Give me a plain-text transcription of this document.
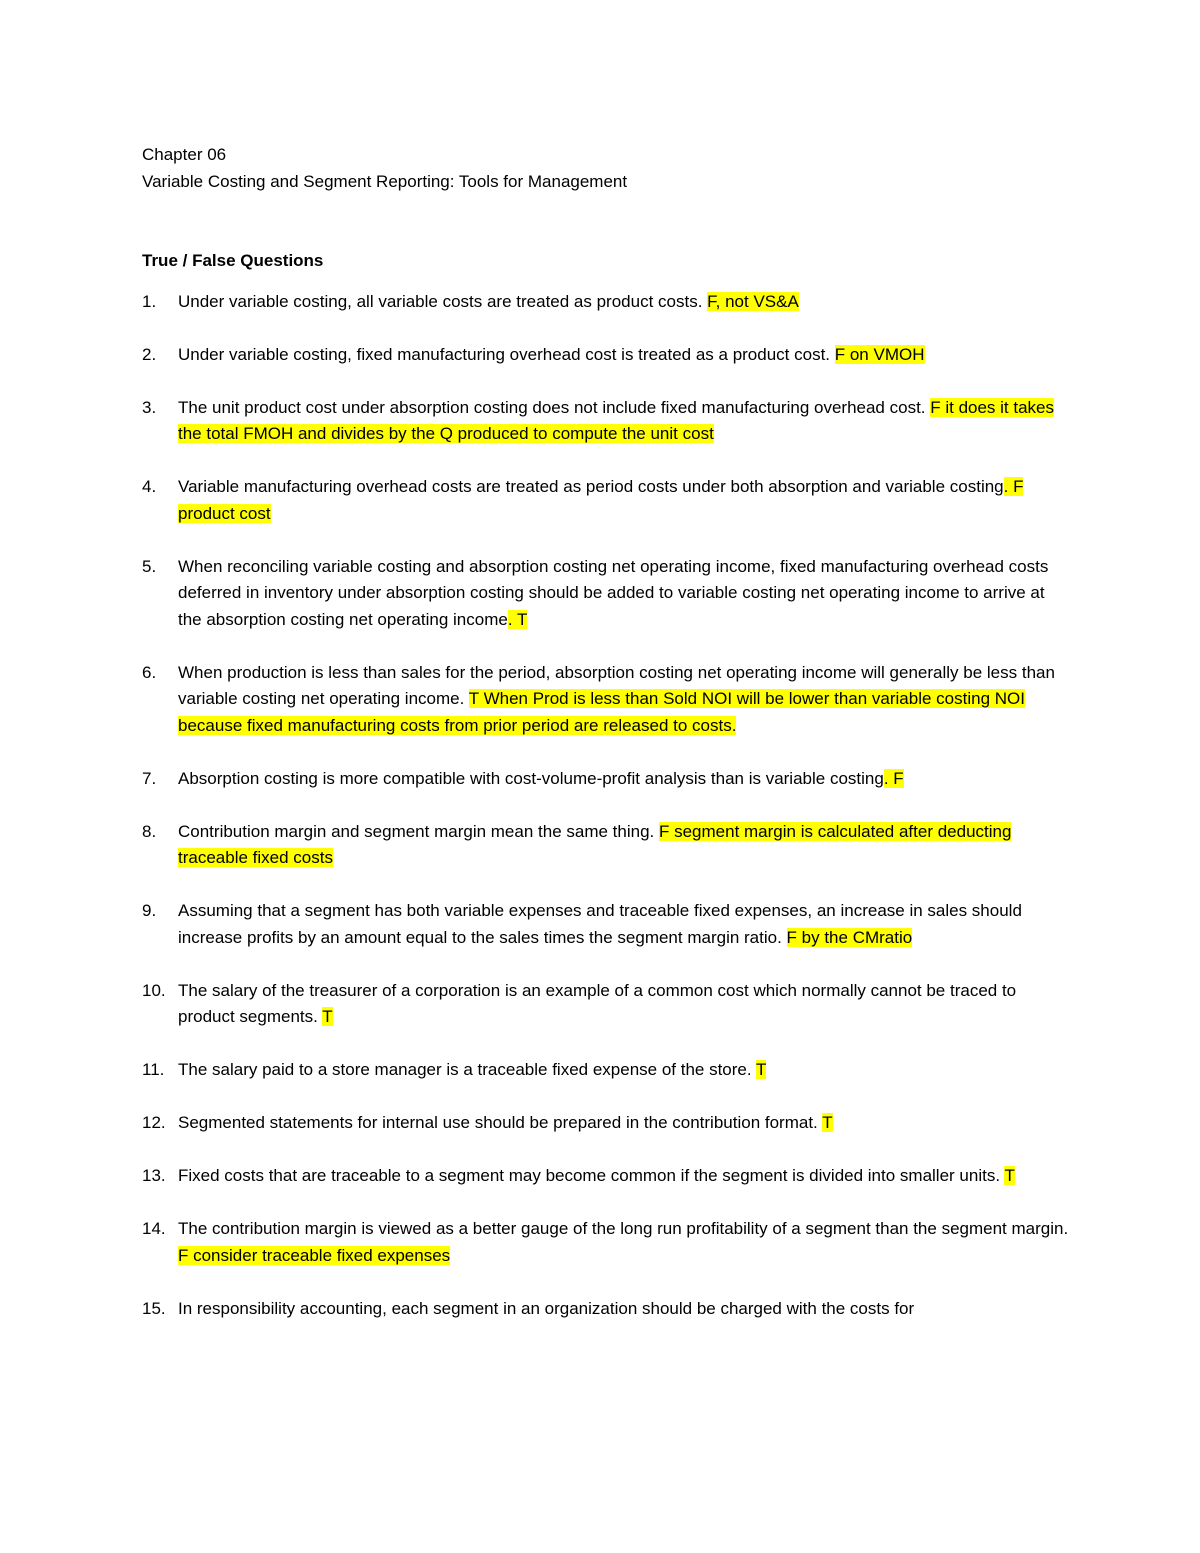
Chapter 06
Variable Costing and Segment Reporting: Tools for Management
True / False Questions
1.	Under variable costing, all variable costs are treated as product costs. F, not VS&A
2.	Under variable costing, fixed manufacturing overhead cost is treated as a product cost. F on VMOH
3.	The unit product cost under absorption costing does not include fixed manufacturing overhead cost. F it does it takes the total FMOH and divides by the Q produced to compute the unit cost
4.	Variable manufacturing overhead costs are treated as period costs under both absorption and variable costing. F product cost
5.	When reconciling variable costing and absorption costing net operating income, fixed manufacturing overhead costs deferred in inventory under absorption costing should be added to variable costing net operating income to arrive at the absorption costing net operating income. T
6.	When production is less than sales for the period, absorption costing net operating income will generally be less than variable costing net operating income. T When Prod is less than Sold NOI will be lower than variable costing NOI because fixed manufacturing costs from prior period are released to costs.
7.	Absorption costing is more compatible with cost-volume-profit analysis than is variable costing. F
8.	Contribution margin and segment margin mean the same thing. F segment margin is calculated after deducting traceable fixed costs
9.	Assuming that a segment has both variable expenses and traceable fixed expenses, an increase in sales should increase profits by an amount equal to the sales times the segment margin ratio. F by the CMratio
10. The salary of the treasurer of a corporation is an example of a common cost which normally cannot be traced to product segments. T
11. The salary paid to a store manager is a traceable fixed expense of the store. T
12. Segmented statements for internal use should be prepared in the contribution format. T
13. Fixed costs that are traceable to a segment may become common if the segment is divided into smaller units. T
14. The contribution margin is viewed as a better gauge of the long run profitability of a segment than the segment margin. F consider traceable fixed expenses
15. In responsibility accounting, each segment in an organization should be charged with the costs for
